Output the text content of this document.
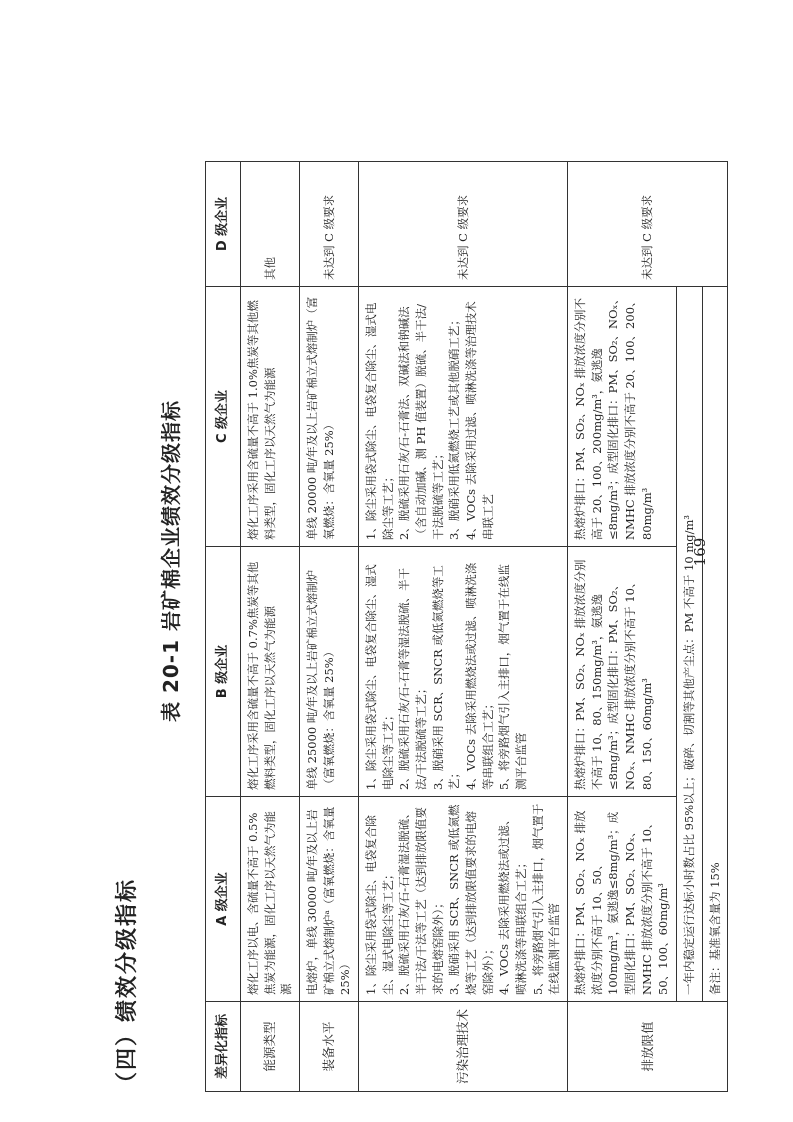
（四）绩效分级指标
表 20-1 岩矿棉企业绩效分级指标
差异化指标	A 级企业	B 级企业	C 级企业	D 级企业
能源类型	熔化工序以电、含硫量不高于 0.5%焦炭为能源，固化工序以天然气为能源	熔化工序采用含硫量不高于 0.7%焦炭等其他燃料类型，固化工序以天然气为能源	熔化工序采用含硫量不高于 1.0%焦炭等其他燃料类型，固化工序以天然气为能源	其他

装备水平	电熔炉，单线 30000 吨/年及以上岩矿棉立式熔制炉ᵃ（富氧燃烧：含氧量 25%）	单线 25000 吨/年及以上岩矿棉立式熔制炉（富氧燃烧：含氧量 25%）	单线 20000 吨/年及以上岩矿棉立式熔制炉（富氧燃烧：含氧量 25%）	未达到 C 级要求

污染治理技术	1、除尘采用袋式除尘、电袋复合除尘、湿式电除尘等工艺； 2、脱硫采用石灰/石-石膏湿法脱硫、半干法/干法等工艺（达到排放限值要求的电熔窑除外）； 3、脱硝采用 SCR、SNCR 或低氮燃烧等工艺（达到排放限值要求的电熔窑除外）； 4、VOCs 去除采用燃烧法或过滤、喷淋洗涤等串联组合工艺； 5、将旁路烟气引入主排口，烟气置于在线监测平台监管	1、除尘采用袋式除尘、电袋复合除尘、湿式电除尘等工艺； 2、脱硫采用石灰/石-石膏等湿法脱硫、半干法/干法脱硫等工艺； 3、脱硝采用 SCR、SNCR 或低氮燃烧等工艺； 4、VOCs 去除采用燃烧法或过滤、喷淋洗涤等串联组合工艺； 5、将旁路烟气引入主排口，烟气置于在线监测平台监管	1、除尘采用袋式除尘、电袋复合除尘、湿式电除尘等工艺； 2、脱硫采用石灰/石-石膏法、双碱法和钠碱法（含自动加碱、测 PH 值装置）脱硫、半干法/干法脱硫等工艺； 3、脱硝采用低氮燃烧工艺或其他脱硝工艺； 4、VOCs 去除采用过滤、喷淋洗涤等治理技术串联工艺	未达到 C 级要求

排放限值	热熔炉排口：PM、SO₂、NOₓ 排放浓度分别不高于 10、50、100mg/m³，氨逃逸≤8mg/m³；成型固化排口：PM、SO₂、NOₓ、NMHC 排放浓度分别不高于 10、50、100、60mg/m³	热熔炉排口：PM、SO₂、NOₓ 排放浓度分别不高于 10、80、150mg/m³，氨逃逸≤8mg/m³；成型固化排口：PM、SO₂、NOₓ、NMHC 排放浓度分别不高于 10、80、150、60mg/m³	热熔炉排口：PM、SO₂、NOₓ 排放浓度分别不高于 20、100、200mg/m³，氨逃逸≤8mg/m³；成型固化排口：PM、SO₂、NOₓ、NMHC 排放浓度分别不高于 20、100、200、80mg/m³	未达到 C 级要求

	一年内稳定运行达标小时数占比 95%以上；破碎、切割等其他产尘点：PM 不高于 10 mg/m³			

	备注：基准氧含量为 15%			
169
